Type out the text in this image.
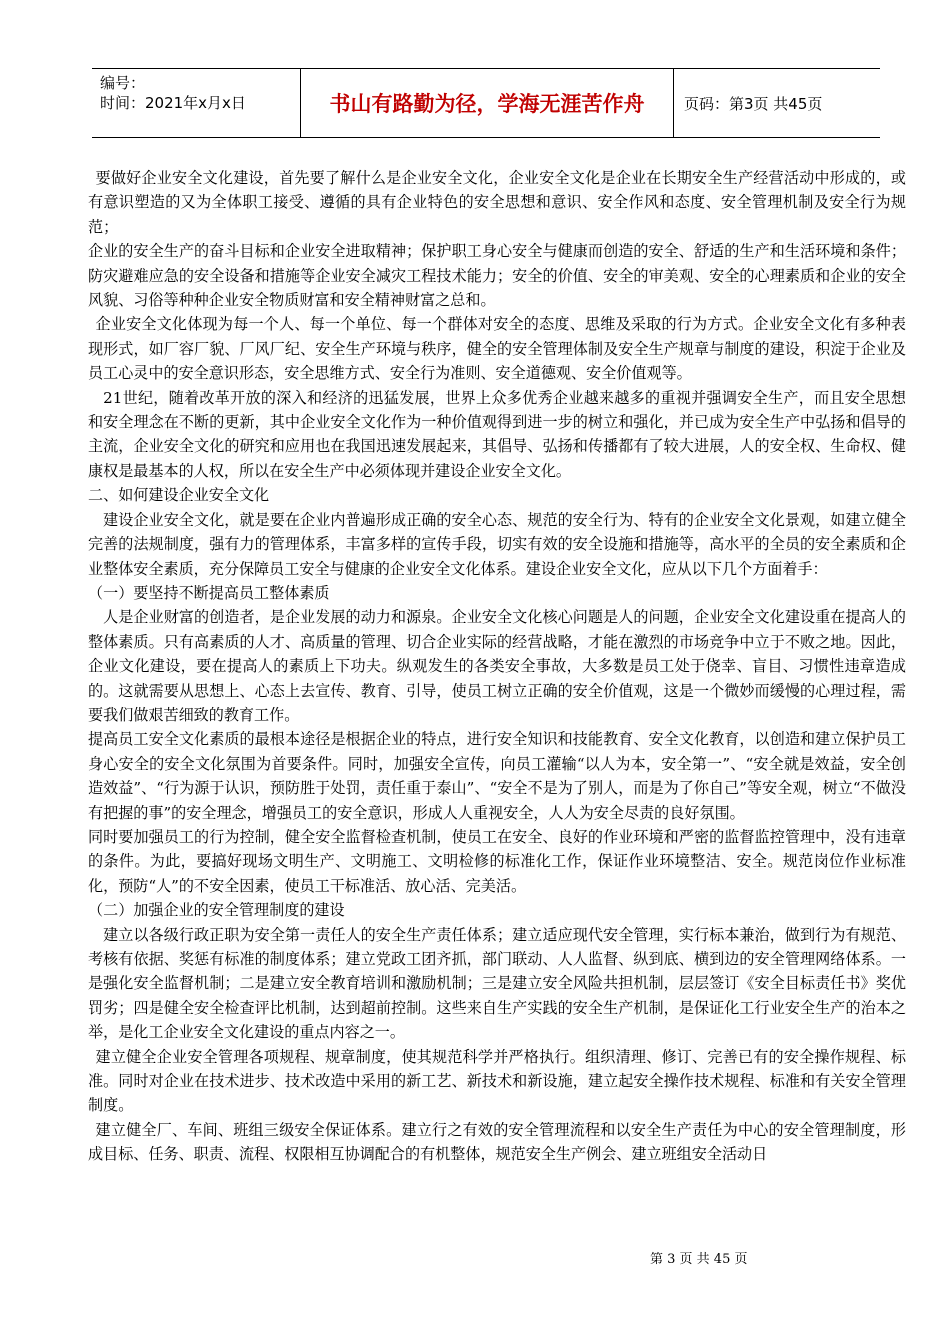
编号：
时间：2021年x月x日	书山有路勤为径，学海无涯苦作舟	页码：第3页 共45页

要做好企业安全文化建设，首先要了解什么是企业安全文化，企业安全文化是企业在长期安全生产经营活动中形成的，或有意识塑造的又为全体职工接受、遵循的具有企业特色的安全思想和意识、安全作风和态度、安全管理机制及安全行为规范；

企业的安全生产的奋斗目标和企业安全进取精神；保护职工身心安全与健康而创造的安全、舒适的生产和生活环境和条件；防灾避难应急的安全设备和措施等企业安全减灾工程技术能力；安全的价值、安全的审美观、安全的心理素质和企业的安全风貌、习俗等种种企业安全物质财富和安全精神财富之总和。

企业安全文化体现为每一个人、每一个单位、每一个群体对安全的态度、思维及采取的行为方式。企业安全文化有多种表现形式，如厂容厂貌、厂风厂纪、安全生产环境与秩序，健全的安全管理体制及安全生产规章与制度的建设，积淀于企业及员工心灵中的安全意识形态，安全思维方式、安全行为准则、安全道德观、安全价值观等。

21世纪，随着改革开放的深入和经济的迅猛发展，世界上众多优秀企业越来越多的重视并强调安全生产，而且安全思想和安全理念在不断的更新，其中企业安全文化作为一种价值观得到进一步的树立和强化，并已成为安全生产中弘扬和倡导的主流，企业安全文化的研究和应用也在我国迅速发展起来，其倡导、弘扬和传播都有了较大进展，人的安全权、生命权、健康权是最基本的人权，所以在安全生产中必须体现并建设企业安全文化。

二、如何建设企业安全文化

建设企业安全文化，就是要在企业内普遍形成正确的安全心态、规范的安全行为、特有的企业安全文化景观，如建立健全完善的法规制度，强有力的管理体系，丰富多样的宣传手段，切实有效的安全设施和措施等，高水平的全员的安全素质和企业整体安全素质，充分保障员工安全与健康的企业安全文化体系。建设企业安全文化，应从以下几个方面着手：

（一）要坚持不断提高员工整体素质

人是企业财富的创造者，是企业发展的动力和源泉。企业安全文化核心问题是人的问题，企业安全文化建设重在提高人的整体素质。只有高素质的人才、高质量的管理、切合企业实际的经营战略，才能在激烈的市场竞争中立于不败之地。因此，企业文化建设，要在提高人的素质上下功夫。纵观发生的各类安全事故，大多数是员工处于侥幸、盲目、习惯性违章造成的。这就需要从思想上、心态上去宣传、教育、引导，使员工树立正确的安全价值观，这是一个微妙而缓慢的心理过程，需要我们做艰苦细致的教育工作。

提高员工安全文化素质的最根本途径是根据企业的特点，进行安全知识和技能教育、安全文化教育，以创造和建立保护员工身心安全的安全文化氛围为首要条件。同时，加强安全宣传，向员工灌输“以人为本，安全第一”、“安全就是效益，安全创造效益”、“行为源于认识，预防胜于处罚，责任重于泰山”、“安全不是为了别人，而是为了你自己”等安全观，树立“不做没有把握的事”的安全理念，增强员工的安全意识，形成人人重视安全，人人为安全尽责的良好氛围。

同时要加强员工的行为控制，健全安全监督检查机制，使员工在安全、良好的作业环境和严密的监督监控管理中，没有违章的条件。为此，要搞好现场文明生产、文明施工、文明检修的标准化工作，保证作业环境整洁、安全。规范岗位作业标准化，预防“人”的不安全因素，使员工干标准活、放心活、完美活。

（二）加强企业的安全管理制度的建设

建立以各级行政正职为安全第一责任人的安全生产责任体系；建立适应现代安全管理，实行标本兼治，做到行为有规范、考核有依据、奖惩有标准的制度体系；建立党政工团齐抓，部门联动、人人监督、纵到底、横到边的安全管理网络体系。一是强化安全监督机制；二是建立安全教育培训和激励机制；三是建立安全风险共担机制，层层签订《安全目标责任书》奖优罚劣；四是健全安全检查评比机制，达到超前控制。这些来自生产实践的安全生产机制，是保证化工行业安全生产的治本之举，是化工企业安全文化建设的重点内容之一。

建立健全企业安全管理各项规程、规章制度，使其规范科学并严格执行。组织清理、修订、完善已有的安全操作规程、标准。同时对企业在技术进步、技术改造中采用的新工艺、新技术和新设施，建立起安全操作技术规程、标准和有关安全管理制度。

建立健全厂、车间、班组三级安全保证体系。建立行之有效的安全管理流程和以安全生产责任为中心的安全管理制度，形成目标、任务、职责、流程、权限相互协调配合的有机整体，规范安全生产例会、建立班组安全活动日

第 3 页 共 45 页
